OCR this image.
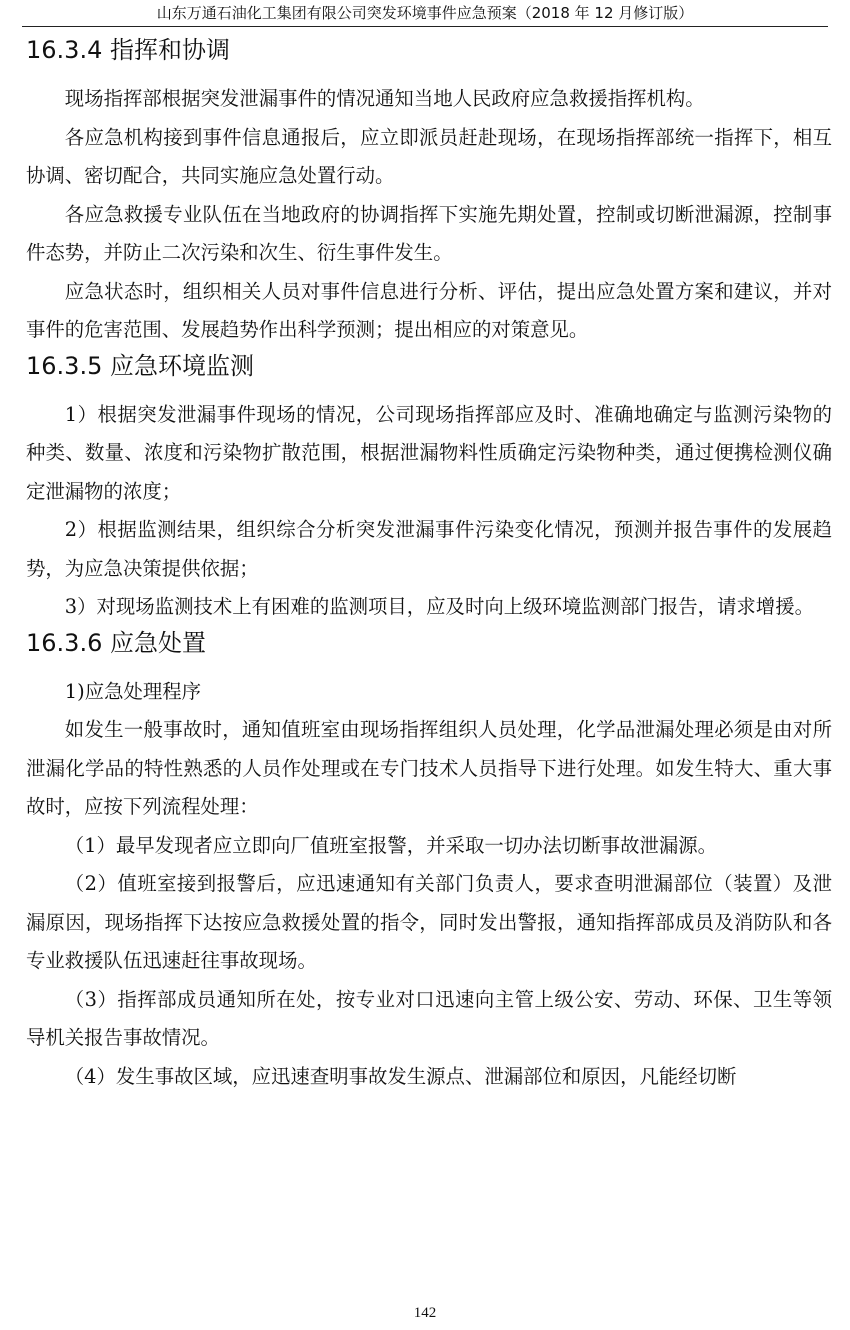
山东万通石油化工集团有限公司突发环境事件应急预案（2018 年 12 月修订版）
16.3.4 指挥和协调

现场指挥部根据突发泄漏事件的情况通知当地人民政府应急救援指挥机构。

各应急机构接到事件信息通报后，应立即派员赶赴现场，在现场指挥部统一指挥下，相互协调、密切配合，共同实施应急处置行动。

各应急救援专业队伍在当地政府的协调指挥下实施先期处置，控制或切断泄漏源，控制事件态势，并防止二次污染和次生、衍生事件发生。

应急状态时，组织相关人员对事件信息进行分析、评估，提出应急处置方案和建议，并对事件的危害范围、发展趋势作出科学预测；提出相应的对策意见。

16.3.5 应急环境监测

1）根据突发泄漏事件现场的情况，公司现场指挥部应及时、准确地确定与监测污染物的种类、数量、浓度和污染物扩散范围，根据泄漏物料性质确定污染物种类，通过便携检测仪确定泄漏物的浓度；

2）根据监测结果，组织综合分析突发泄漏事件污染变化情况，预测并报告事件的发展趋势，为应急决策提供依据；

3）对现场监测技术上有困难的监测项目，应及时向上级环境监测部门报告，请求增援。

16.3.6 应急处置

1)应急处理程序

如发生一般事故时，通知值班室由现场指挥组织人员处理，化学品泄漏处理必须是由对所泄漏化学品的特性熟悉的人员作处理或在专门技术人员指导下进行处理。如发生特大、重大事故时，应按下列流程处理：

（1）最早发现者应立即向厂值班室报警，并采取一切办法切断事故泄漏源。

（2）值班室接到报警后，应迅速通知有关部门负责人，要求查明泄漏部位（装置）及泄漏原因，现场指挥下达按应急救援处置的指令，同时发出警报，通知指挥部成员及消防队和各专业救援队伍迅速赶往事故现场。

（3）指挥部成员通知所在处，按专业对口迅速向主管上级公安、劳动、环保、卫生等领导机关报告事故情况。

（4）发生事故区域，应迅速查明事故发生源点、泄漏部位和原因，凡能经切断

142
